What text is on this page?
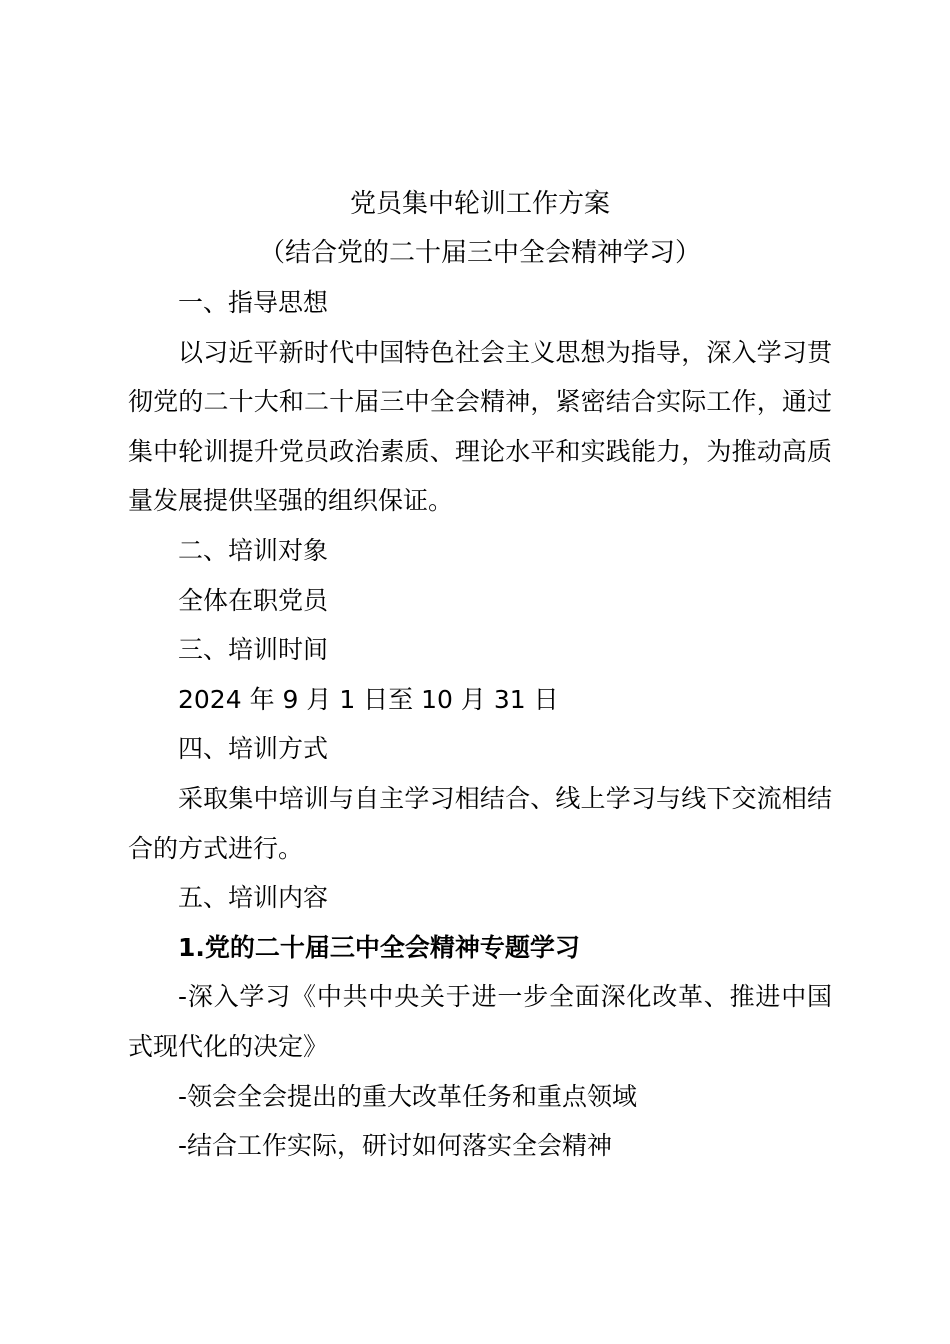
党员集中轮训工作方案
（结合党的二十届三中全会精神学习）

一、指导思想

以习近平新时代中国特色社会主义思想为指导，深入学习贯彻党的二十大和二十届三中全会精神，紧密结合实际工作，通过集中轮训提升党员政治素质、理论水平和实践能力，为推动高质量发展提供坚强的组织保证。

二、培训对象

全体在职党员

三、培训时间

2024 年 9 月 1 日至 10 月 31 日

四、培训方式

采取集中培训与自主学习相结合、线上学习与线下交流相结合的方式进行。

五、培训内容

1.党的二十届三中全会精神专题学习

-深入学习《中共中央关于进一步全面深化改革、推进中国式现代化的决定》

-领会全会提出的重大改革任务和重点领域

-结合工作实际，研讨如何落实全会精神
